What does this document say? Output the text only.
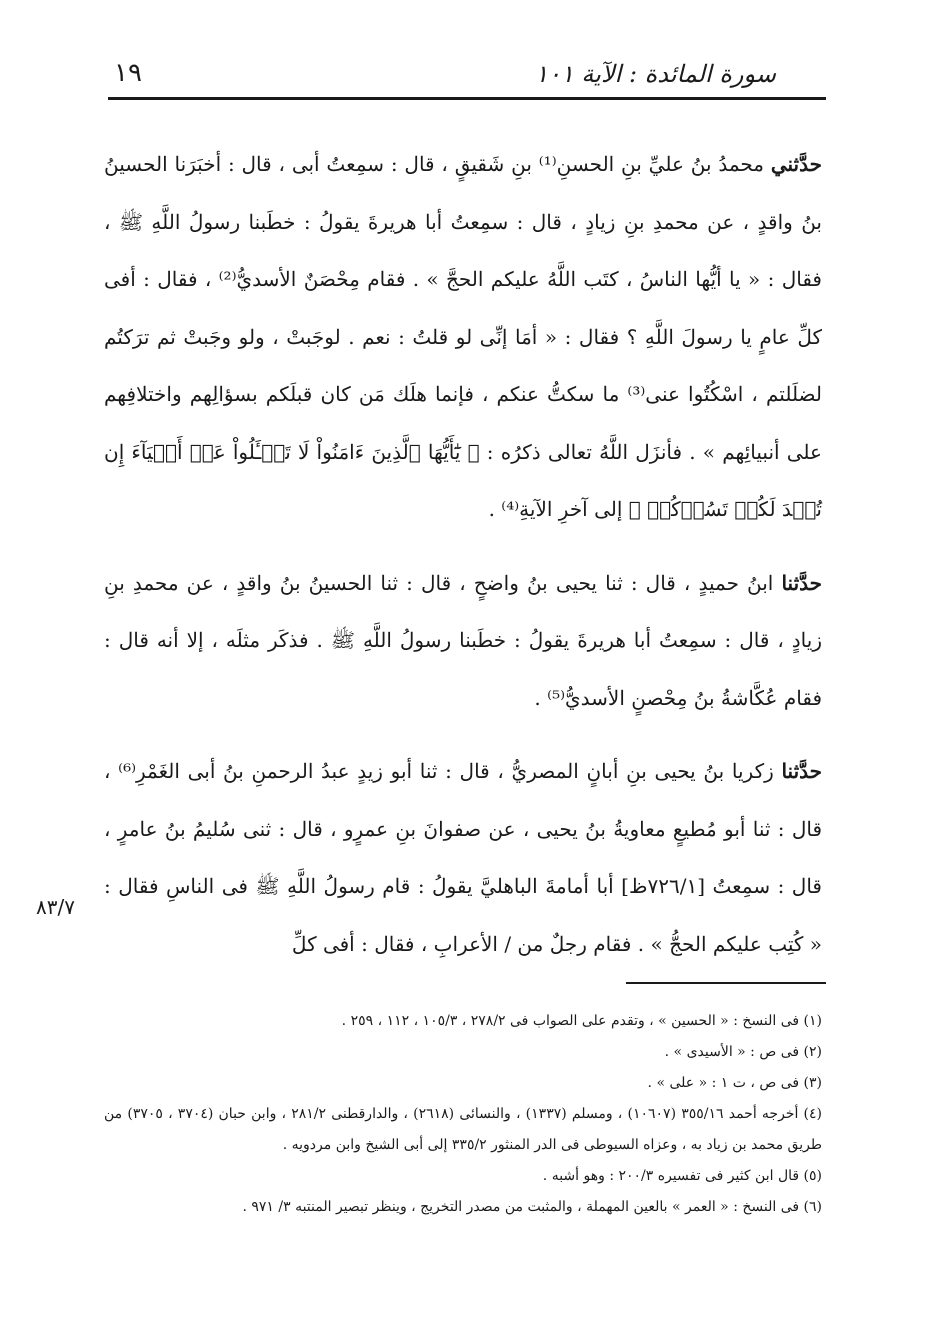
١٩	سورة المائدة : الآية ١٠١

حدَّثني محمدُ بنُ عليِّ بنِ الحسنِ⁽¹⁾ بنِ شَقيقٍ ، قال : سمِعتُ أبى ، قال : أخبَرَنا الحسينُ بنُ واقدٍ ، عن محمدِ بنِ زيادٍ ، قال : سمِعتُ أبا هريرةَ يقولُ : خطَبنا رسولُ اللَّهِ ﷺ ، فقال : « يا أيُّها الناسُ ، كتَب اللَّهُ عليكم الحجَّ » . فقام مِحْصَنٌ الأسديُّ⁽²⁾ ، فقال : أفى كلِّ عامٍ يا رسولَ اللَّهِ ؟ فقال : « أمَا إنِّى لو قلتُ : نعم . لوجَبتْ ، ولو وجَبتْ ثم ترَكتُم لضلَلتم ، اسْكُتُوا عنى⁽³⁾ ما سكتُّ عنكم ، فإنما هلَك مَن كان قبلَكم بسؤالِهم واختلافِهم على أنبيائِهم » . فأنزَل اللَّهُ تعالى ذكرُه : ﴿ يَٰٓأَيُّهَا ٱلَّذِينَ ءَامَنُواْ لَا تَسۡـَٔلُواْ عَنۡ أَشۡيَآءَ إِن تُبۡدَ لَكُمۡ تَسُؤۡكُمۡ ﴾ إلى آخرِ الآيةِ⁽⁴⁾ .

حدَّثنا ابنُ حميدٍ ، قال : ثنا يحيى بنُ واضحٍ ، قال : ثنا الحسينُ بنُ واقدٍ ، عن محمدِ بنِ زيادٍ ، قال : سمِعتُ أبا هريرةَ يقولُ : خطَبنا رسولُ اللَّهِ ﷺ . فذكَر مثلَه ، إلا أنه قال : فقام عُكَّاشةُ بنُ مِحْصنٍ الأسديُّ⁽⁵⁾ .

حدَّثنا زكريا بنُ يحيى بنِ أبانٍ المصريُّ ، قال : ثنا أبو زيدٍ عبدُ الرحمنِ بنُ أبى الغَمْرِ⁽⁶⁾ ، قال : ثنا أبو مُطيعٍ معاويةُ بنُ يحيى ، عن صفوانَ بنِ عمرٍو ، قال : ثنى سُليمُ بنُ عامرٍ ، قال : سمِعتُ [٧٢٦/١ظ] أبا أمامةَ الباهليَّ يقولُ : قام رسولُ اللَّهِ ﷺ فى الناسِ فقال : « كُتِب عليكم الحجُّ » . فقام رجلٌ من / الأعرابِ ، فقال : أفى كلِّ

٨٣/٧

(١) فى النسخ : « الحسين » ، وتقدم على الصواب فى ٢٧٨/٢ ، ١٠٥/٣ ، ١١٢ ، ٢٥٩ .

(٢) فى ص : « الأسيدى » .

(٣) فى ص ، ت ١ : « على » .

(٤) أخرجه أحمد ٣٥٥/١٦ (١٠٦٠٧) ، ومسلم (١٣٣٧) ، والنسائى (٢٦١٨) ، والدارقطنى ٢٨١/٢ ، وابن حبان (٣٧٠٤ ، ٣٧٠٥) من طريق محمد بن زياد به ، وعزاه السيوطى فى الدر المنثور ٣٣٥/٢ إلى أبى الشيخ وابن مردويه .

(٥) قال ابن كثير فى تفسيره ٢٠٠/٣ : وهو أشبه .

(٦) فى النسخ : « العمر » بالعين المهملة ، والمثبت من مصدر التخريج ، وينظر تبصير المنتبه ٣/ ٩٧١ .
